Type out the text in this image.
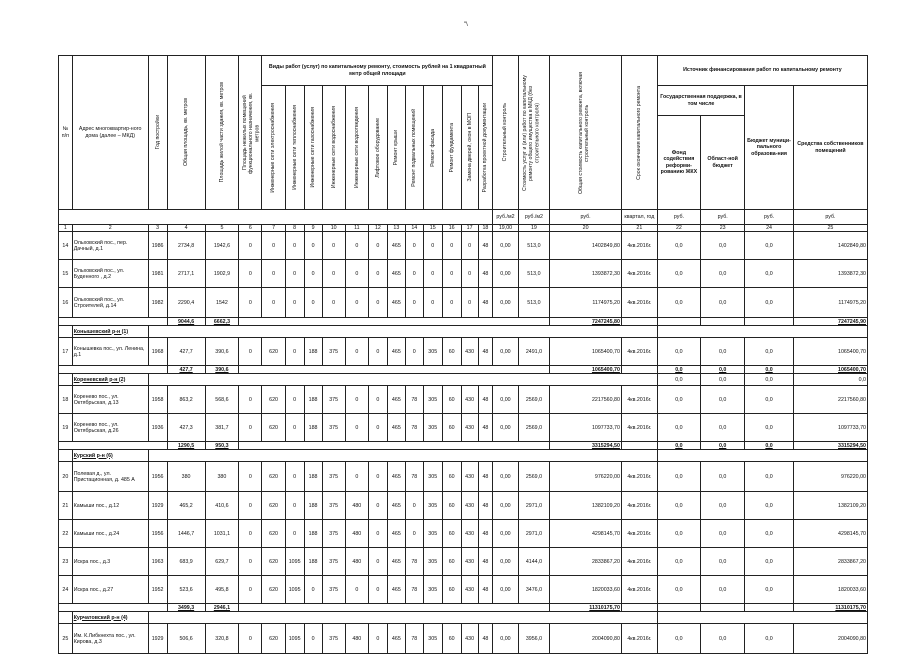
"\
№ п/п	Адрес многоквартир-ного дома (далее – МКД)	Год постройки	Общая площадь, кв. метров	Площадь жилой части здания, кв. метров	Площадь нежилых помещений функционального назначения, кв. метров	Виды работ (услуг) по капитальному ремонту, стоимость рублей на 1 квадратный метр общей площади												Строительный контроль	Стоимость услуг и (или) работ по капитальному ремонту общего имущества в МКД (без строительного контроля)	Общая стоимость капитального ремонта, включая строительный контроль	Срок окончания капитального ремонта	Источник финансирования работ по капитальному ремонту			

						Инженерные сети электроснабжения	Инженерные сети теплоснабжения	Инженерные сети газоснабжения	Инженерные сети водоснабжения	Инженерные сети водоотведения	Лифтовое оборудование	Ремонт крыши	Ремонт подвальных помещений	Ремонт фасада	Ремонт фундамента	Замена дверей, окон в МОП	Разработка проектной документации					Государственная поддержка, в том числе		Бюджет муници-пального образова-ния	Средства собственников помещений
																						Фонд содействия реформи-рованию ЖКХ	Област-ной бюджет		
																		руб./м2	руб./м2	руб.	квартал, год	руб.	руб.	руб.	руб.
1	2	3	4	5	6	7	8	9	10	11	12	13	14	15	16	17	18	19,00	19	20	21	22	23	24	25
14	Ольховский пос., пер. Дачный, д.1	1986	2734,8	1942,6	0	0	0	0	0	0	0	465	0	0	0	0	48	0,00	513,0	1402849,80	4кв.2016г.	0,0	0,0	0,0	1402849,80
15	Ольховский пос., ул. Буденного , д.2	1981	2717,1	1902,9	0	0	0	0	0	0	0	465	0	0	0	0	48	0,00	513,0	1393872,30	4кв.2016г.	0,0	0,0	0,0	1393872,30
16	Ольховский пос., ул. Строителей, д.14	1982	2290,4	1542	0	0	0	0	0	0	0	465	0	0	0	0	48	0,00	513,0	1174975,20	4кв.2016г.	0,0	0,0	0,0	1174975,20
			9044,6	6662,3																7247245,80					7247245,90
	Конышевский р-н (1)																								
17	Конышевка пос., ул. Ленина, д.1	1968	427,7	390,6	0	620	0	188	375	0	0	465	0	305	60	430	48	0,00	2491,0	1065400,70	4кв.2016г.	0,0	0,0	0,0	1065400,70
			427,7	390,6																1065400,70		0,0	0,0	0,0	1065400,70
	Кореневский р-н (2)																					0,0	0,0	0,0	0,0
18	Коренево пос., ул. Октябрьская, д.13	1958	863,2	568,6	0	620	0	188	375	0	0	465	78	305	60	430	48	0,00	2569,0	2217560,80	4кв.2016г.	0,0	0,0	0,0	2217560,80
19	Коренево пос., ул. Октябрьская, д.26	1936	427,3	381,7	0	620	0	188	375	0	0	465	78	305	60	430	48	0,00	2569,0	1097733,70	4кв.2016г.	0,0	0,0	0,0	1097733,70
			1290,5	950,3																3315294,50		0,0	0,0	0,0	3315294,50
	Курский р-н (6)																								
20	Полевая д., ул. Пристационная, д. 485 А	1956	380	380	0	620	0	188	375	0	0	465	78	305	60	430	48	0,00	2569,0	976220,00	4кв.2016г.	0,0	0,0	0,0	976220,00
21	Камыши пос., д.12	1929	465,2	410,6	0	620	0	188	375	480	0	465	0	305	60	430	48	0,00	2971,0	1382109,20	4кв.2016г.	0,0	0,0	0,0	1382109,20
22	Камыши пос., д.24	1956	1446,7	1031,1	0	620	0	188	375	480	0	465	0	305	60	430	48	0,00	2971,0	4298145,70	4кв.2016г.	0,0	0,0	0,0	4298145,70
23	Искра пос., д.3	1963	683,9	629,7	0	620	1095	188	375	480	0	465	78	305	60	430	48	0,00	4144,0	2833867,20	4кв.2016г.	0,0	0,0	0,0	2833867,20
24	Искра пос., д.27	1952	523,6	495,8	0	620	1095	0	375	0	0	465	78	305	60	430	48	0,00	3476,0	1820033,60	4кв.2016г.	0,0	0,0	0,0	1820033,60
			3499,3	2946,1																11310175,70					11310175,70
	Курчатовский р-н (4)																								
25	Им. К.Либкнехта пос., ул. Кирова, д.3	1929	506,6	320,8	0	620	1095	0	375	480	0	465	78	305	60	430	48	0,00	3956,0	2004090,80	4кв.2016г.	0,0	0,0	0,0	2004090,80
